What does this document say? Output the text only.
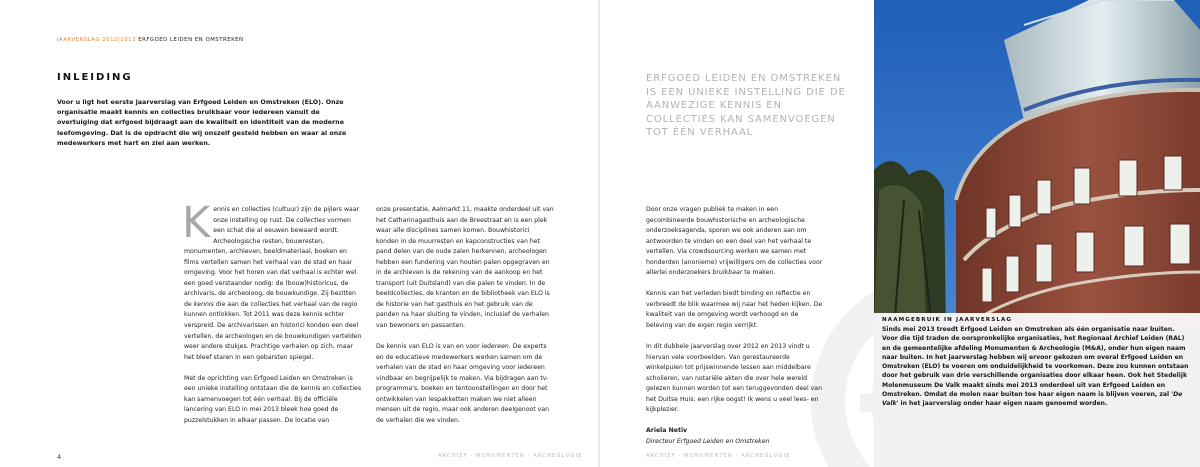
JAARVERSLAG 2012|2013 ERFGOED LEIDEN EN OMSTREKEN
INLEIDING
Voor u ligt het eerste jaarverslag van Erfgoed Leiden en Omstreken (ELO). Onze organisatie maakt kennis en collecties bruikbaar voor iedereen vanuit de overtuiging dat erfgoed bijdraagt aan de kwaliteit en identiteit van de moderne leefomgeving. Dat is de opdracht die wij onszelf gesteld hebben en waar al onze medewerkers met hart en ziel aan werken.

Kennis en collecties (cultuur) zijn de pijlers waar onze instelling op rust. De collecties vormen een schat die al eeuwen bewaard wordt. Archeologische resten, bouwresten, monumenten, archieven, beeldmateriaal, boeken en films vertellen samen het verhaal van de stad en haar omgeving. Voor het horen van dat verhaal is echter wel een goed verstaander nodig: de (bouw)historicus, de archivaris, de archeoloog, de bouwkundige. Zij bezitten de kennis die aan de collecties het verhaal van de regio kunnen ontlokken. Tot 2011 was deze kennis echter verspreid. De archivarissen en historici konden een deel vertellen, de archeologen en de bouwkundigen vertelden weer andere stukjes. Prachtige verhalen op zich, maar het bleef staren in een gebarsten spiegel.

Met de oprichting van Erfgoed Leiden en Omstreken is een unieke instelling ontstaan die de kennis en collecties kan samenvoegen tot één verhaal. Bij de officiële lancering van ELO in mei 2013 bleek hoe goed de puzzelstukken in elkaar passen. De locatie van

onze presentatie, Aalmarkt 11, maakte onderdeel uit van het Catharinagasthuis aan de Breestraat en is een plek waar alle disciplines samen komen. Bouwhistorici konden in de muurresten en kapconstructies van het pand delen van de oude zalen herkennen, archeologen hebben een fundering van houten palen opgegraven en in de archieven is de rekening van de aankoop en het transport (uit Duitsland) van die palen te vinden. In de beeldcollecties, de kranten en de bibliotheek van ELO is de historie van het gasthuis en het gebruik van de panden na haar sluiting te vinden, inclusief de verhalen van bewoners en passanten.

De kennis van ELO is van en voor iedereen. De experts en de educatieve medewerkers werken samen om de verhalen van de stad en haar omgeving voor iedereen vindbaar en begrijpelijk te maken. Via bijdragen aan tv-programma's, boeken en tentoonstellingen en door het ontwikkelen van lespakketten maken we niet alleen mensen uit de regio, maar ook anderen deelgenoot van de verhalen die we vinden.

4	ARCHIEF · MONUMENTEN · ARCHEOLOGIE
ERFGOED LEIDEN EN OMSTREKEN IS EEN UNIEKE INSTELLING DIE DE AANWEZIGE KENNIS EN COLLECTIES KAN SAMENVOEGEN TOT ÉÉN VERHAAL

Door onze vragen publiek te maken in een gecombineerde bouwhistorische en archeologische onderzoeksagenda, sporen we ook anderen aan om antwoorden te vinden en een deel van het verhaal te vertellen. Via crowdsourcing werken we samen met honderden (anonieme) vrijwilligers om de collecties voor allerlei onderzoekers bruikbaar te maken.

Kennis van het verleden biedt binding en reflectie en verbreedt de blik waarmee wij naar het heden kijken. De kwaliteit van de omgeving wordt verhoogd en de beleving van de eigen regio verrijkt.

In dit dubbele jaarverslag over 2012 en 2013 vindt u hiervan vele voorbeelden. Van gerestaureerde winkelpuien tot prijswinnende lessen aan middelbare scholieren, van notariële akten die over hele wereld gelezen kunnen worden tot een teruggevonden deel van het Duitse Huis: een rijke oogst! Ik wens u veel lees- en kijkplezier.

Ariela Netiv

Directeur Erfgoed Leiden en Omstreken

ARCHIEF · MONUMENTEN · ARCHEOLOGIE
NAAMGEBRUIK IN JAARVERSLAG
Sinds mei 2013 treedt Erfgoed Leiden en Omstreken als één organisatie naar buiten. Voor die tijd traden de oorspronkelijke organisaties, het Regionaal Archief Leiden (RAL) en de gemeentelijke afdeling Monumenten & Archeologie (M&A), onder hun eigen naam naar buiten. In het jaarverslag hebben wij ervoor gekozen om overal Erfgoed Leiden en Omstreken (ELO) te voeren om onduidelijkheid te voorkomen. Deze zou kunnen ontstaan door het gebruik van drie verschillende organisaties door elkaar heen. Ook het Stedelijk Molenmuseum De Valk maakt sinds mei 2013 onderdeel uit van Erfgoed Leiden en Omstreken. Omdat de molen naar buiten toe haar eigen naam is blijven voeren, zal 'De Valk' in het jaarverslag onder haar eigen naam genoemd worden.
